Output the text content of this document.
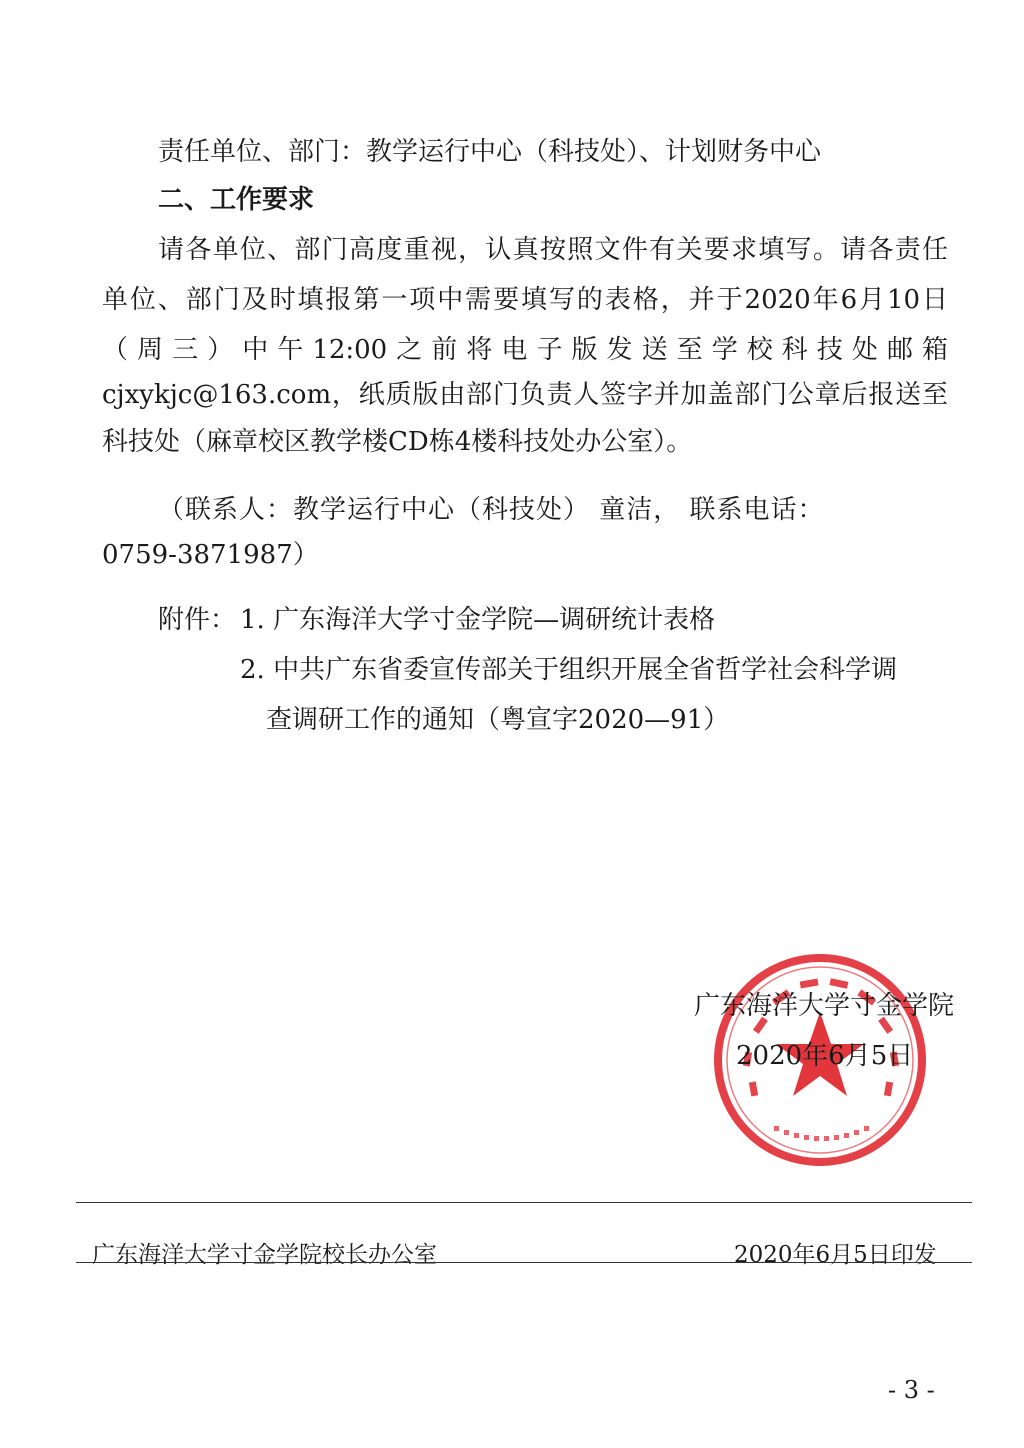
责任单位、部门：教学运行中心（科技处）、计划财务中心

二、工作要求

请各单位、部门高度重视，认真按照文件有关要求填写。请各责任

单位、部门及时填报第一项中需要填写的表格，并于2020年6月10日

（周三）中午12:00之前将电子版发送至学校科技处邮箱

cjxykjc@163.com，纸质版由部门负责人签字并加盖部门公章后报送至

科技处（麻章校区教学楼CD栋4楼科技处办公室）。

（联系人：教学运行中心（科技处） 童洁， 联系电话：

0759-3871987）

附件： 1. 广东海洋大学寸金学院—调研统计表格

2. 中共广东省委宣传部关于组织开展全省哲学社会科学调

查调研工作的通知（粤宣字2020—91）

广东海洋大学寸金学院

2020年6月5日

广东海洋大学寸金学院校长办公室	2020年6月5日印发

- 3 -
